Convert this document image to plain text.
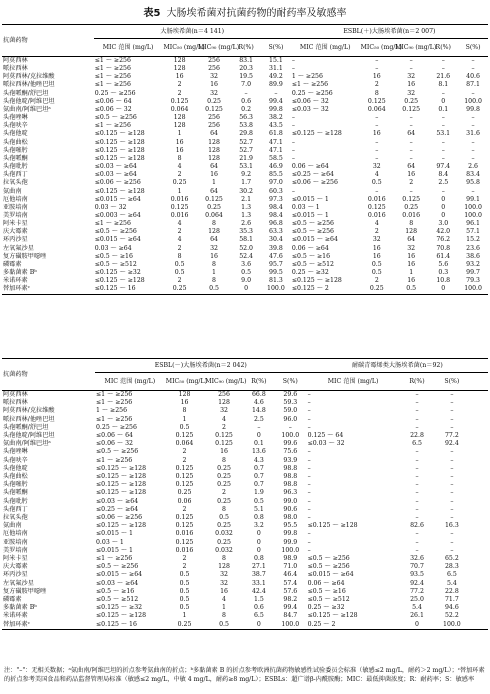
表5 大肠埃希菌对抗菌药物的耐药率及敏感率
抗菌药物	大肠埃希菌(n＝4 141)					ESBL(＋)大肠埃希菌(n＝2 007)				
	MIC 范围 (mg/L)	MIC₅₀ (mg/L)	MIC₉₀ (mg/L)	R(%)	S(%)	MIC 范围 (mg/L)	MIC₅₀ (mg/L)	MIC₉₀ (mg/L)	R(%)	S(%)
阿莫西林	≤1 ～ ≥256	128	256	83.1	15.1	–	–	–	–	–
哌拉西林	≤1 ～ ≥256	128	256	20.3	31.1	–	–	–	–	–
阿莫西林/克拉维酸	≤1 ～ ≥256	16	32	19.5	49.2	1 ～ ≥256	16	32	21.6	40.6
哌拉西林/他唑巴坦	≤1 ～ ≥256	2	16	7.0	89.9	≤1 ～ ≥256	2	16	8.1	87.1
头孢哌酮/舒巴坦	0.25 ～ ≥256	2	32	–	–	0.25 ～ ≥256	8	32	–	–
头孢他啶/阿维巴坦	≤0.06 ～ 64	0.125	0.25	0.6	99.4	≤0.06 ～ 32	0.125	0.25	0	100.0
氨曲南/阿维巴坦ᵃ	≤0.06 ～ 32	0.064	0.125	0.2	99.8	≤0.03 ～ 32	0.064	0.125	0.1	99.8
头孢唑啉	≤0.5 ～ ≥256	128	256	56.3	38.2	–	–	–	–	–
头孢呋辛	≤1 ～ ≥256	128	256	53.8	43.5	–	–	–	–	–
头孢他啶	≤0.125 ～ ≥128	1	64	29.8	61.8	≤0.125 ～ ≥128	16	64	53.1	31.6
头孢曲松	≤0.125 ～ ≥128	16	128	52.7	47.1	–	–	–	–	–
头孢噻肟	≤0.125 ～ ≥128	16	128	52.7	47.1	–	–	–	–	–
头孢哌酮	≤0.125 ～ ≥128	8	128	21.9	58.5	–	–	–	–	–
头孢吡肟	≤0.03 ～ ≥64	4	64	53.1	46.9	0.06 ～ ≥64	32	64	97.4	2.6
头孢西丁	≤0.03 ～ ≥64	2	16	9.2	85.5	≤0.25 ～ ≥64	4	16	8.4	83.4
拉氧头孢	≤0.06 ～ ≥256	0.25	1	1.7	97.0	≤0.06 ～ ≥256	0.5	2	2.5	95.8
氨曲南	≤0.125 ～ ≥128	1	64	30.2	60.3	–	–	–	–	–
厄他培南	≤0.015 ～ ≥64	0.016	0.125	2.1	97.3	≤0.015 ～ 1	0.016	0.125	0	99.1
亚胺培南	0.03 ～ 32	0.125	0.25	1.3	98.4	0.03 ～ 1	0.125	0.25	0	100.0
美罗培南	≤0.003 ～ ≥64	0.016	0.064	1.3	98.4	≤0.015 ～ 1	0.016	0.016	0	100.0
阿米卡星	≤1 ～ ≥256	4	8	2.6	96.8	≤0.5 ～ ≥256	4	8	3.0	96.1
庆大霉素	≤0.5 ～ ≥256	2	128	35.3	63.3	≤0.5 ～ ≥256	2	128	42.0	57.1
环丙沙星	≤0.015 ～ ≥64	4	64	58.1	30.4	≤0.015 ～ ≥64	32	64	76.2	15.2
左氧氟沙星	0.03 ～ ≥64	2	32	52.0	39.8	0.06 ～ ≥64	16	32	70.8	23.6
复方磺胺甲噁唑	≤0.5 ～ ≥16	8	16	52.4	47.6	≤0.5 ～ ≥16	16	16	61.4	38.6
磷霉素	≤0.5 ～ ≥512	0.5	8	3.6	95.7	≤0.5 ～ ≥512	0.5	16	5.6	93.2
多黏菌素 Bᵇ	≤0.125 ～ ≥32	0.5	1	0.5	99.5	0.25 ～ ≥32	0.5	1	0.3	99.7
米诺环素	≤0.125 ～ ≥128	2	8	9.0	81.3	≤0.125 ～ ≥128	2	16	10.8	79.3
替加环素ᶜ	≤0.125 ～ 16	0.25	0.5	0	100.0	≤0.125 ～ 2	0.25	0.5	0	100.0
抗菌药物	ESBL(－)大肠埃希菌(n＝2 042)					耐碳青霉烯类大肠埃希菌(n＝92)			
	MIC 范围 (mg/L)	MIC₅₀ (mg/L)	MIC₉₀ (mg/L)	R(%)	S(%)	MIC 范围 (mg/L)	R(%)	S(%)	
阿莫西林	≤1 ～ ≥256	128	256	66.8	29.6	–	–	–	
哌拉西林	≤1 ～ ≥256	16	128	4.6	59.3	–	–	–	
阿莫西林/克拉维酸	1 ～ ≥256	8	32	14.8	59.0	–	–	–	
哌拉西林/他唑巴坦	≤1 ～ ≥256	1	4	2.5	96.0	–	–	–	
头孢哌酮/舒巴坦	0.25 ～ ≥256	0.5	2	–	–	–	–	–	
头孢他啶/阿维巴坦	≤0.06 ～ 64	0.125	0.125	0	100.0	0.125 ～ 64	22.8	77.2	
氨曲南/阿维巴坦ᵃ	≤0.06 ～ 32	0.064	0.125	0.1	99.6	≤0.03 ～ 32	6.5	92.4	
头孢唑啉	≤0.5 ～ ≥256	2	16	13.6	75.6	–	–	–	
头孢呋辛	≤1 ～ ≥256	2	8	4.3	93.9	–	–	–	
头孢他啶	≤0.125 ～ ≥128	0.125	0.25	0.7	98.8	–	–	–	
头孢曲松	≤0.125 ～ ≥128	0.125	0.25	0.7	98.8	–	–	–	
头孢噻肟	≤0.125 ～ ≥128	0.125	0.25	0.7	98.8	–	–	–	
头孢哌酮	≤0.125 ～ ≥128	0.25	2	1.9	96.3	–	–	–	
头孢吡肟	≤0.03 ～ ≥64	0.06	0.25	0.5	99.0	–	–	–	
头孢西丁	≤0.25 ～ ≥64	2	8	5.1	90.6	–	–	–	
拉氧头孢	≤0.06 ～ ≥256	0.125	0.5	0.8	98.0	–	–	–	
氨曲南	≤0.125 ～ ≥128	0.125	0.25	3.2	95.5	≤0.125 ～ ≥128	82.6	16.3	
厄他培南	≤0.015 ～ 1	0.016	0.032	0	99.8	–	–	–	
亚胺培南	0.03 ～ 1	0.125	0.25	0	99.9	–	–	–	
美罗培南	≤0.015 ～ 1	0.016	0.032	0	100.0	–	–	–	
阿米卡星	≤1 ～ ≥256	2	8	0.8	98.9	≤0.5 ～ ≥256	32.6	65.2	
庆大霉素	≤0.5 ～ ≥256	2	128	27.1	71.0	≤0.5 ～ ≥256	70.7	28.3	
环丙沙星	≤0.015 ～ ≥64	0.5	32	38.7	46.4	≤0.015 ～ ≥64	93.5	6.5	
左氧氟沙星	≤0.03 ～ ≥64	0.5	32	33.1	57.4	0.06 ～ ≥64	92.4	5.4	
复方磺胺甲噁唑	≤0.5 ～ ≥16	0.5	16	42.4	57.6	≤0.5 ～ ≥16	77.2	22.8	
磷霉素	≤0.5 ～ ≥512	0.5	4	1.5	98.2	≤0.5 ～ ≥512	25.0	71.7	
多黏菌素 Bᵇ	≤0.125 ～ ≥32	0.5	1	0.6	99.4	0.25 ～ ≥32	5.4	94.6	
米诺环素	≤0.125 ～ ≥128	1	8	6.5	84.7	≤0.125 ～ ≥128	26.1	52.2	
替加环素ᶜ	≤0.125 ～ 16	0.25	0.5	0	100.0	0.25 ～ 2	0	100.0	
注："–"：无相关数据；ᵃ氨曲南/阿维巴坦的折点参考氨曲南的折点；ᵇ多黏菌素 B 的折点参考欧洲抗菌药物敏感性试验委员会标准（敏感≤2 mg/L，耐药＞2 mg/L）；ᶜ替加环素的折点参考美国食品和药品监督管理局标准（敏感≤2 mg/L，中敏 4 mg/L，耐药≥8 mg/L）；ESBLs：超广谱β-内酰胺酶；MIC：最低抑菌浓度；R：耐药率；S：敏感率
